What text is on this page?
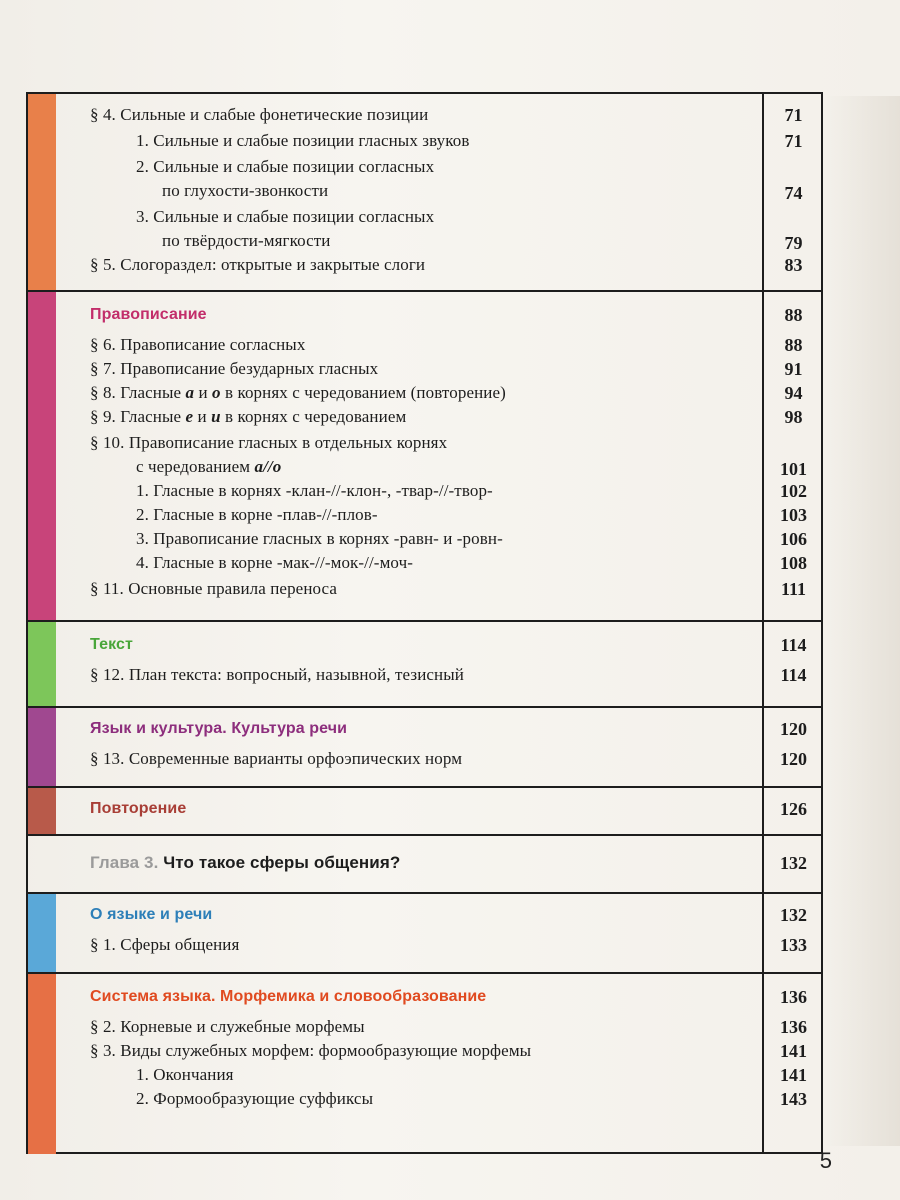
§ 4. Сильные и слабые фонетические позиции	71
1. Сильные и слабые позиции гласных звуков	71
2. Сильные и слабые позиции согласных
по глухости-звонкости	74
3. Сильные и слабые позиции согласных
по твёрдости-мягкости	79
§ 5. Слогораздел: открытые и закрытые слоги	83
Правописание	88
§ 6. Правописание согласных	88
§ 7. Правописание безударных гласных	91
§ 8. Гласные а и о в корнях с чередованием (повторение)	94
§ 9. Гласные е и и в корнях с чередованием	98
§ 10. Правописание гласных в отдельных корнях
с чередованием а//о	101
1. Гласные в корнях -клан-//-клон-, -твар-//-твор-	102
2. Гласные в корне -плав-//-плов-	103
3. Правописание гласных в корнях -равн- и -ровн-	106
4. Гласные в корне -мак-//-мок-//-моч-	108
§ 11. Основные правила переноса	111
Текст	114
§ 12. План текста: вопросный, назывной, тезисный	114
Язык и культура. Культура речи	120
§ 13. Современные варианты орфоэпических норм	120
Повторение	126
Глава 3. Что такое сферы общения?	132
О языке и речи	132
§ 1. Сферы общения	133
Система языка. Морфемика и словообразование	136
§ 2. Корневые и служебные морфемы	136
§ 3. Виды служебных морфем: формообразующие морфемы	141
1. Окончания	141
2. Формообразующие суффиксы	143
5
